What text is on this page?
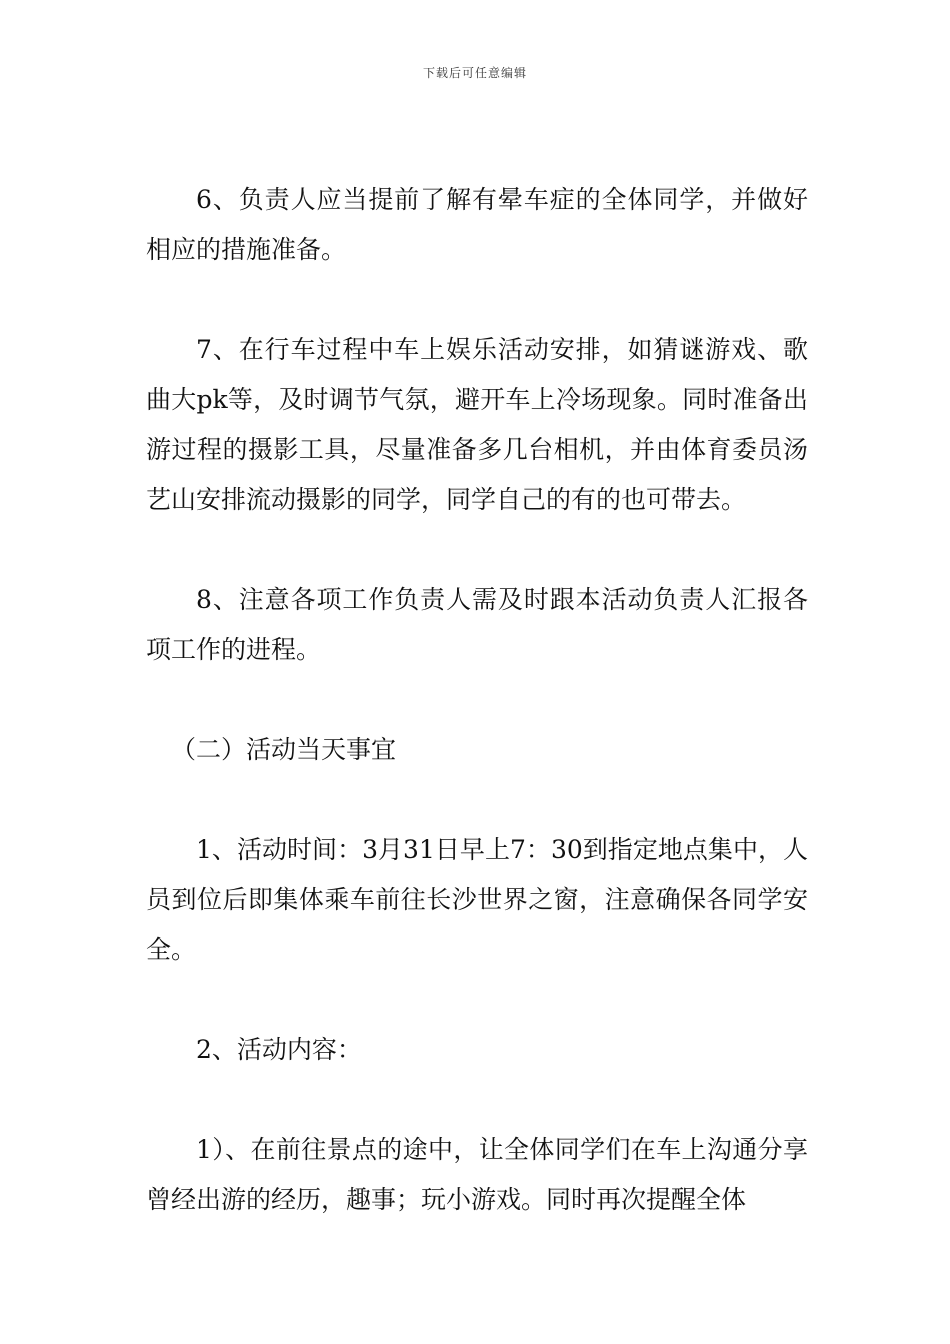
下载后可任意编辑

6、负责人应当提前了解有晕车症的全体同学，并做好相应的措施准备。

7、在行车过程中车上娱乐活动安排，如猜谜游戏、歌曲大pk等，及时调节气氛，避开车上冷场现象。同时准备出游过程的摄影工具，尽量准备多几台相机，并由体育委员汤艺山安排流动摄影的同学，同学自己的有的也可带去。

8、注意各项工作负责人需及时跟本活动负责人汇报各项工作的进程。

（二）活动当天事宜

1、活动时间：3月31日早上7：30到指定地点集中，人员到位后即集体乘车前往长沙世界之窗，注意确保各同学安全。

2、活动内容：

1）、在前往景点的途中，让全体同学们在车上沟通分享曾经出游的经历，趣事；玩小游戏。同时再次提醒全体
